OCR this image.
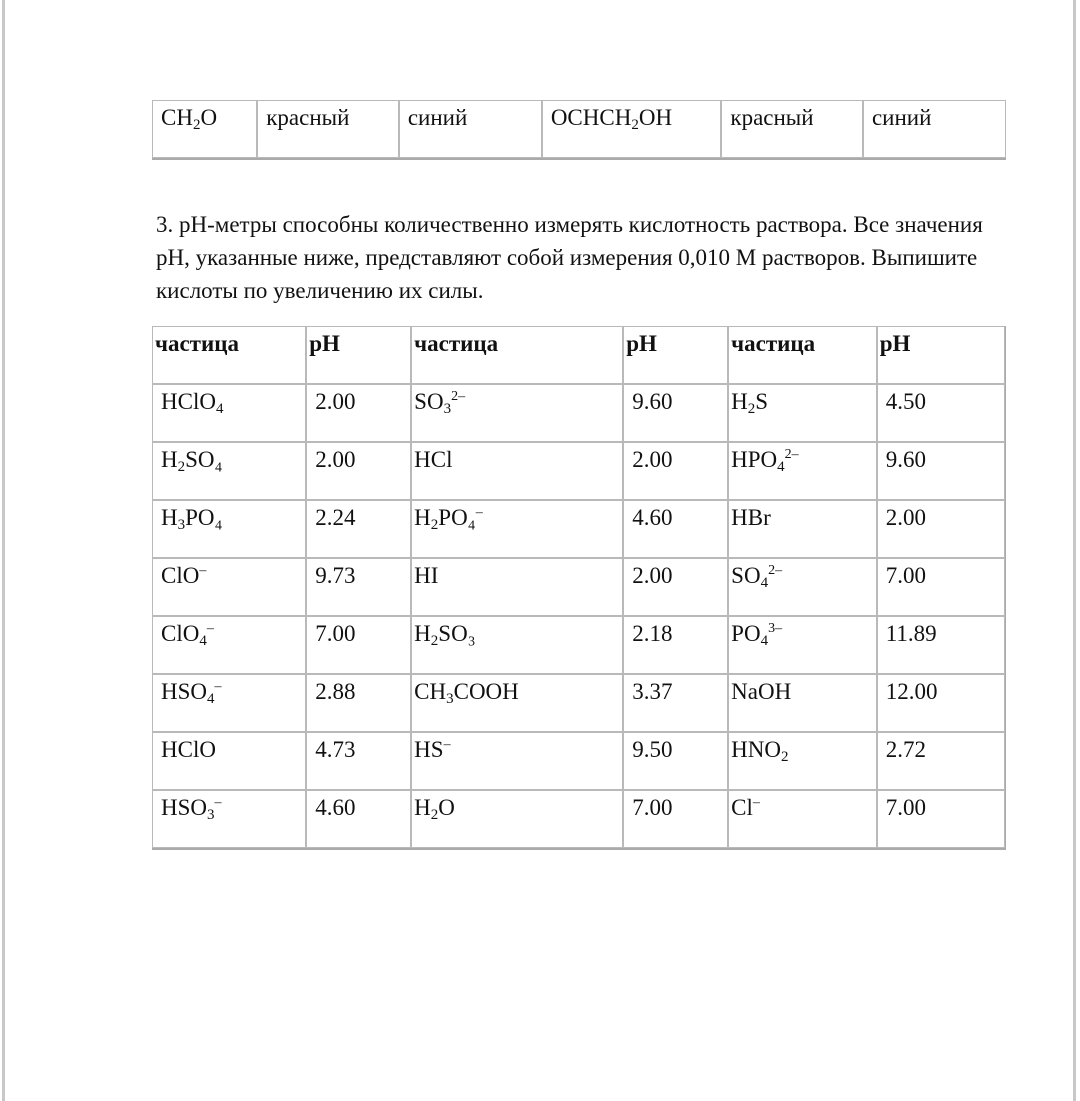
$CH_2O$	красный	синий	$OCHCH_2OH$	красный	синий

3. pH-метры способны количественно измерять кислотность раствора. Все значения pH, указанные ниже, представляют собой измерения 0,010 М растворов. Выпишите кислоты по увеличению их силы.

частица	pH	частица	pH	частица	pH
HClO$_4$	2.00	$SO_3^{2-}$	9.60	$H_2S$	4.50
$H_2SO_4$	2.00	HCl	2.00	$HPO_4^{2-}$	9.60
$H_3PO_4$	2.24	$H_2PO_4^-$	4.60	HBr	2.00
ClO–	9.73	HI	2.00	$SO_4^{2-}$	7.00
ClO$_4$–	7.00	$H_2SO_3$	2.18	$PO_4^{3-}$	11.89
$HSO_4^-$	2.88	$CH_3COOH$	3.37	NaOH	12.00
HClO	4.73	HS–	9.50	$HNO_2$	2.72
$HSO_3^-$	4.60	$H_2O$	7.00	Cl–	7.00
